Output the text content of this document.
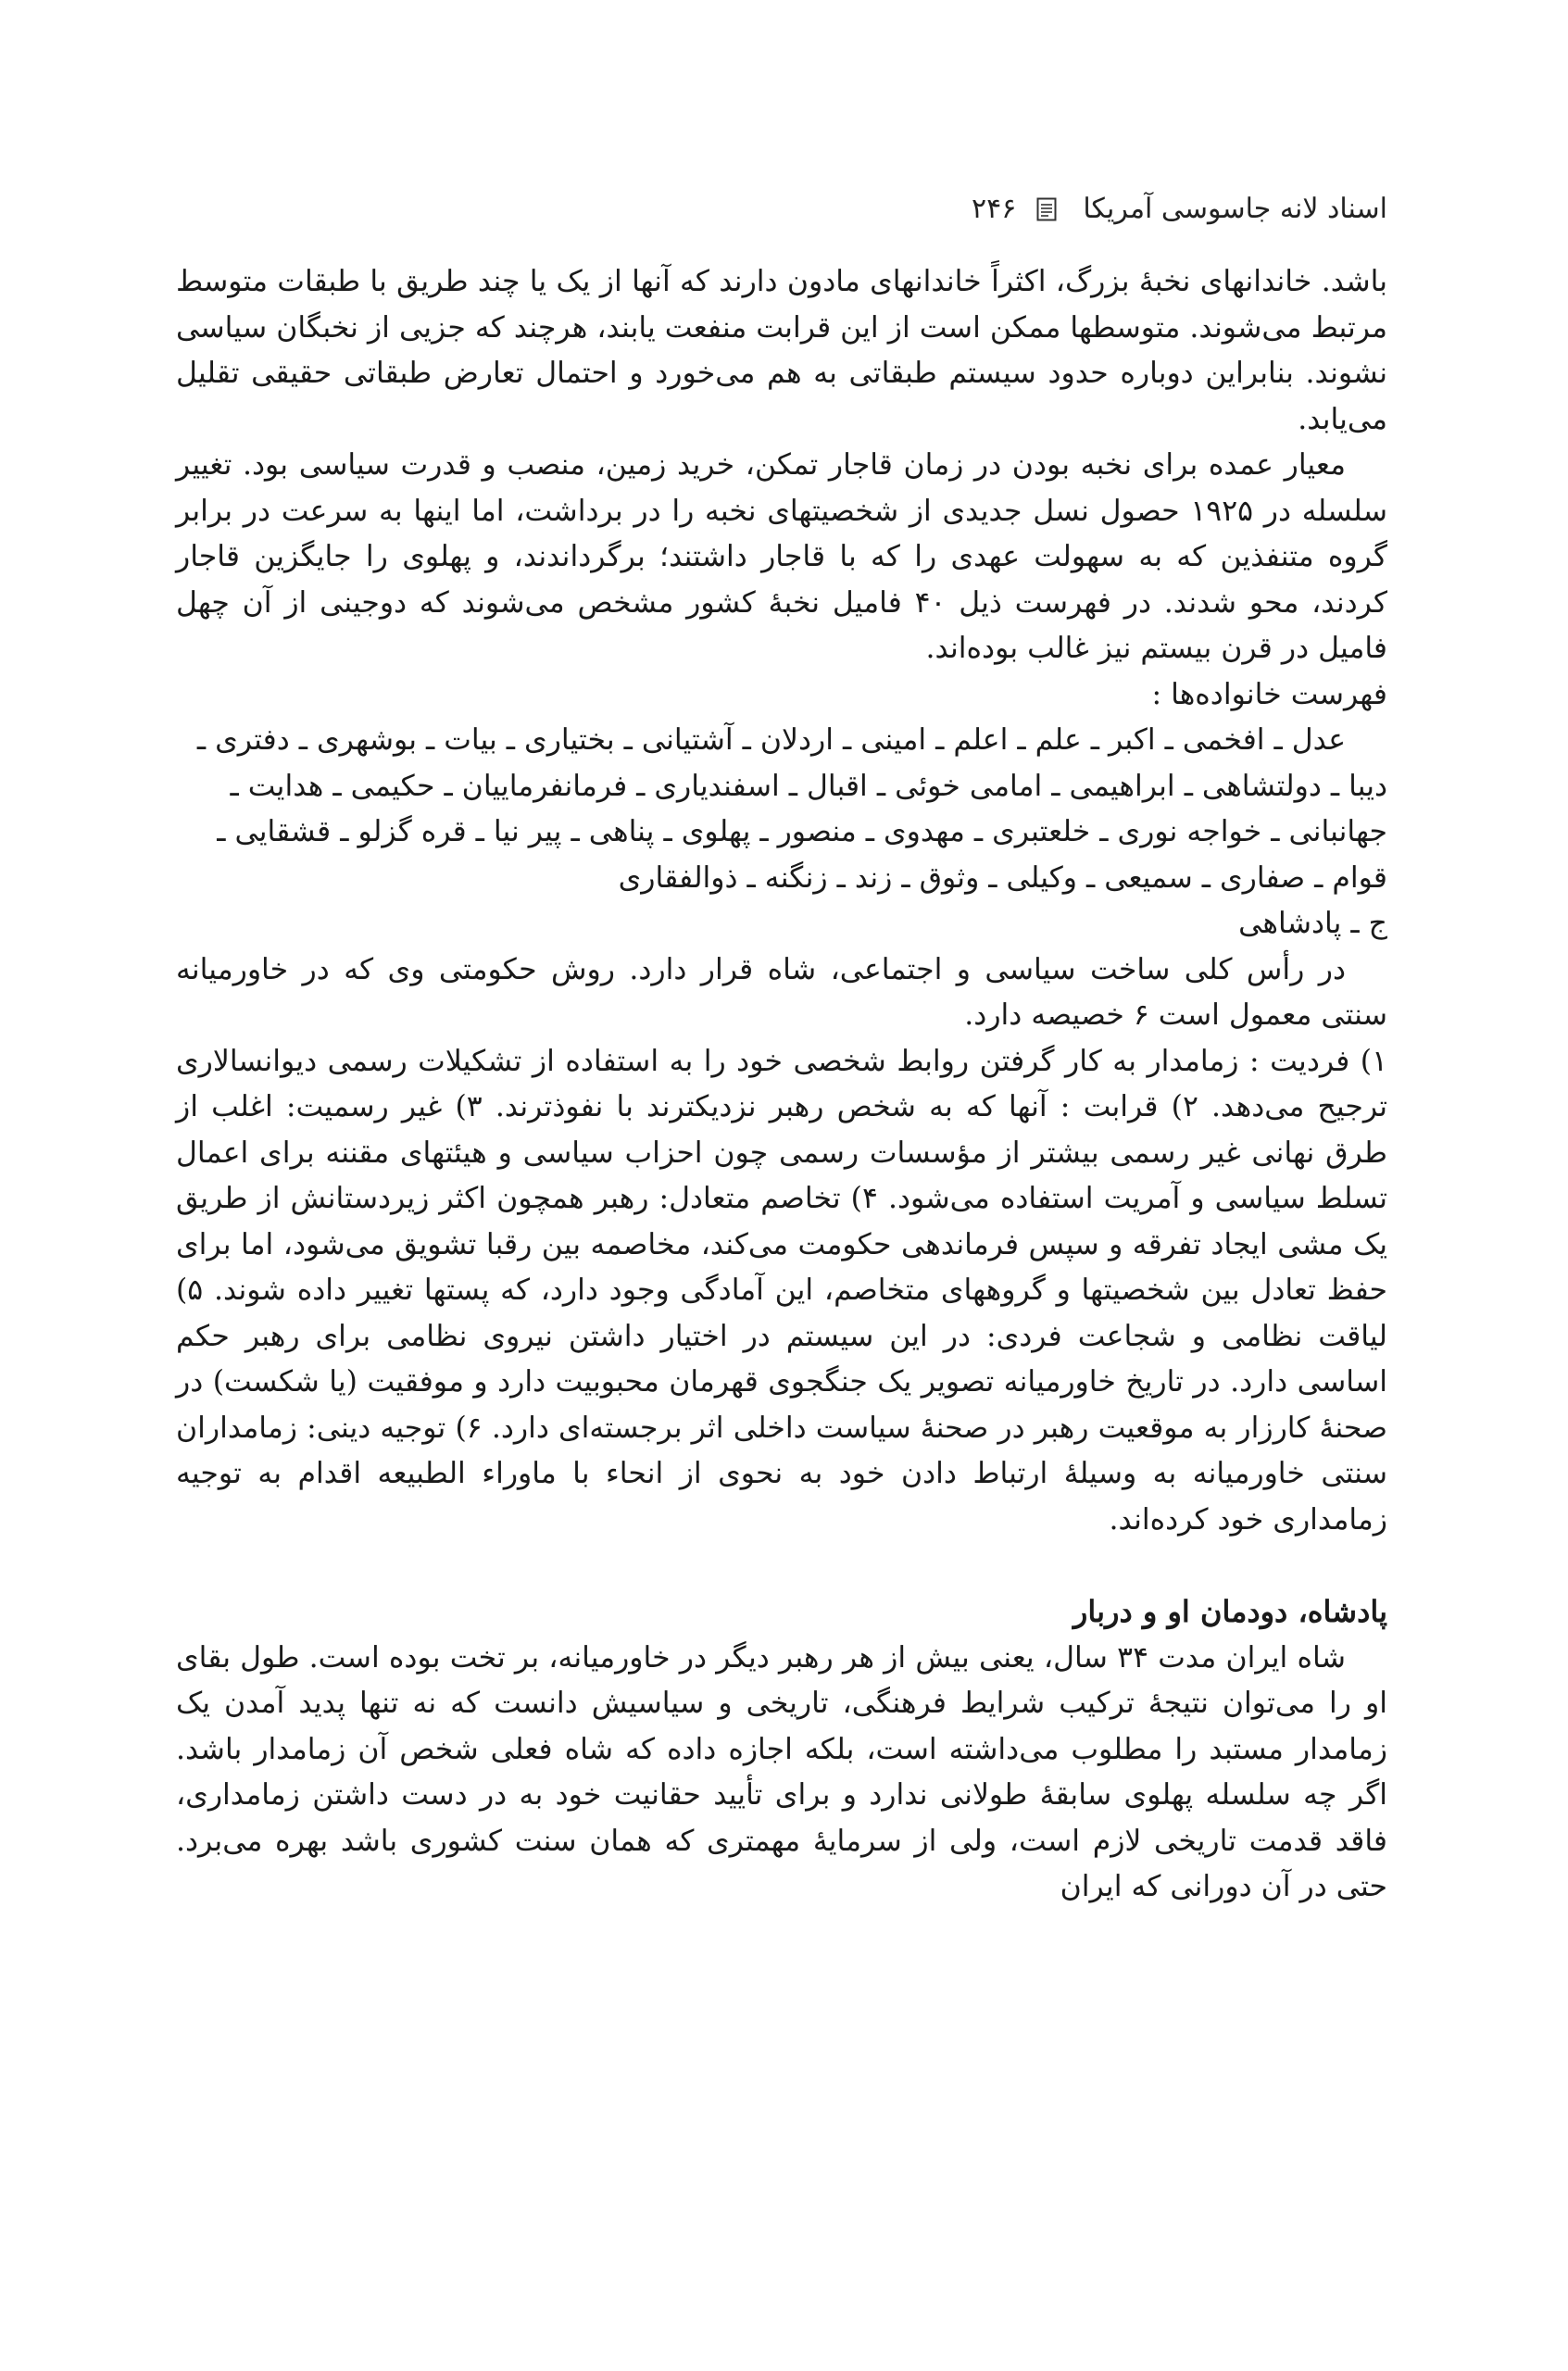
اسناد لانه جاسوسی آمریکا
۲۴۶

باشد. خاندانهای نخبهٔ بزرگ، اکثراً خاندانهای مادون دارند که آنها از یک یا چند طریق با طبقات متوسط مرتبط می‌شوند. متوسطها ممکن است از این قرابت منفعت یابند، هرچند که جزیی از نخبگان سیاسی نشوند. بنابراین دوباره حدود سیستم طبقاتی به هم می‌خورد و احتمال تعارض طبقاتی حقیقی تقلیل می‌یابد.

معیار عمده برای نخبه بودن در زمان قاجار تمکن، خرید زمین، منصب و قدرت سیاسی بود. تغییر سلسله در ۱۹۲۵ حصول نسل جدیدی از شخصیتهای نخبه را در برداشت، اما اینها به سرعت در برابر گروه متنفذین که به سهولت عهدی را که با قاجار داشتند؛ برگرداندند، و پهلوی را جایگزین قاجار کردند، محو شدند. در فهرست ذیل ۴۰ فامیل نخبهٔ کشور مشخص می‌شوند که دوجینی از آن چهل فامیل در قرن بیستم نیز غالب بوده‌اند.

فهرست خانواده‌ها :

عدل ـ افخمی ـ اکبر ـ علم ـ اعلم ـ امینی ـ اردلان ـ آشتیانی ـ بختیاری ـ بیات ـ بوشهری ـ دفتری ـ دیبا ـ دولتشاهی ـ ابراهیمی ـ امامی خوئی ـ اقبال ـ اسفندیاری ـ فرمانفرماییان ـ حکیمی ـ هدایت ـ جهانبانی ـ خواجه نوری ـ خلعتبری ـ مهدوی ـ منصور ـ پهلوی ـ پناهی ـ پیر نیا ـ قره گزلو ـ قشقایی ـ قوام ـ صفاری ـ سمیعی ـ وکیلی ـ وثوق ـ زند ـ زنگنه ـ ذوالفقاری

ج ـ پادشاهی

در رأس کلی ساخت سیاسی و اجتماعی، شاه قرار دارد. روش حکومتی وی که در خاورمیانه سنتی معمول است ۶ خصیصه دارد.

۱) فردیت : زمامدار به کار گرفتن روابط شخصی خود را به استفاده از تشکیلات رسمی دیوانسالاری ترجیح می‌دهد. ۲) قرابت : آنها که به شخص رهبر نزدیکترند با نفوذترند. ۳) غیر رسمیت: اغلب از طرق نهانی غیر رسمی بیشتر از مؤسسات رسمی چون احزاب سیاسی و هیئتهای مقننه برای اعمال تسلط سیاسی و آمریت استفاده می‌شود. ۴) تخاصم متعادل: رهبر همچون اکثر زیردستانش از طریق یک مشی ایجاد تفرقه و سپس فرماندهی حکومت می‌کند، مخاصمه بین رقبا تشویق می‌شود، اما برای حفظ تعادل بین شخصیتها و گروههای متخاصم، این آمادگی وجود دارد، که پستها تغییر داده شوند. ۵) لیاقت نظامی و شجاعت فردی: در این سیستم در اختیار داشتن نیروی نظامی برای رهبر حکم اساسی دارد. در تاریخ خاورمیانه تصویر یک جنگجوی قهرمان محبوبیت دارد و موفقیت (یا شکست) در صحنهٔ کارزار به موقعیت رهبر در صحنهٔ سیاست داخلی اثر برجسته‌ای دارد. ۶) توجیه دینی: زمامداران سنتی خاورمیانه به وسیلهٔ ارتباط دادن خود به نحوی از انحاء با ماوراء الطبیعه اقدام به توجیه زمامداری خود کرده‌اند.

پادشاه، دودمان او و دربار

شاه ایران مدت ۳۴ سال، یعنی بیش از هر رهبر دیگر در خاورمیانه، بر تخت بوده است. طول بقای او را می‌توان نتیجهٔ ترکیب شرایط فرهنگی، تاریخی و سیاسیش دانست که نه تنها پدید آمدن یک زمامدار مستبد را مطلوب می‌داشته است، بلکه اجازه داده که شاه فعلی شخص آن زمامدار باشد. اگر چه سلسله پهلوی سابقهٔ طولانی ندارد و برای تأیید حقانیت خود به در دست داشتن زمامداری، فاقد قدمت تاریخی لازم است، ولی از سرمایهٔ مهمتری که همان سنت کشوری باشد بهره می‌برد. حتی در آن دورانی که ایران
